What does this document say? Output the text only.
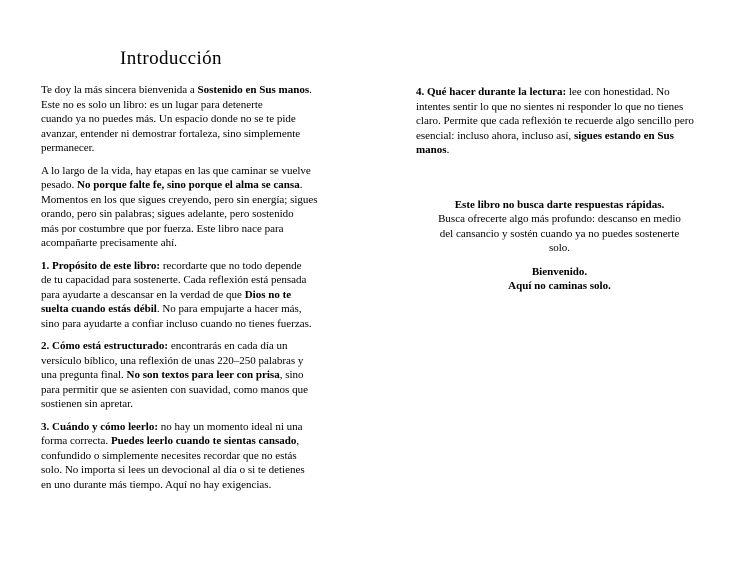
Introducción

Te doy la más sincera bienvenida a Sostenido en Sus manos.
Este no es solo un libro: es un lugar para detenerte
cuando ya no puedes más. Un espacio donde no se te pide
avanzar, entender ni demostrar fortaleza, sino simplemente
permanecer.

A lo largo de la vida, hay etapas en las que caminar se vuelve
pesado. No porque falte fe, sino porque el alma se cansa.
Momentos en los que sigues creyendo, pero sin energía; sigues
orando, pero sin palabras; sigues adelante, pero sostenido
más por costumbre que por fuerza. Este libro nace para
acompañarte precisamente ahí.

1. Propósito de este libro: recordarte que no todo depende
de tu capacidad para sostenerte. Cada reflexión está pensada
para ayudarte a descansar en la verdad de que Dios no te
suelta cuando estás débil. No para empujarte a hacer más,
sino para ayudarte a confiar incluso cuando no tienes fuerzas.

2. Cómo está estructurado: encontrarás en cada día un
versículo bíblico, una reflexión de unas 220–250 palabras y
una pregunta final. No son textos para leer con prisa, sino
para permitir que se asienten con suavidad, como manos que
sostienen sin apretar.

3. Cuándo y cómo leerlo: no hay un momento ideal ni una
forma correcta. Puedes leerlo cuando te sientas cansado,
confundido o simplemente necesites recordar que no estás
solo. No importa si lees un devocional al día o si te detienes
en uno durante más tiempo. Aquí no hay exigencias.

4. Qué hacer durante la lectura: lee con honestidad. No
intentes sentir lo que no sientes ni responder lo que no tienes
claro. Permite que cada reflexión te recuerde algo sencillo pero
esencial: incluso ahora, incluso así, sigues estando en Sus
manos.

Este libro no busca darte respuestas rápidas.
Busca ofrecerte algo más profundo: descanso en medio
del cansancio y sostén cuando ya no puedes sostenerte
solo.

Bienvenido.
Aquí no caminas solo.
